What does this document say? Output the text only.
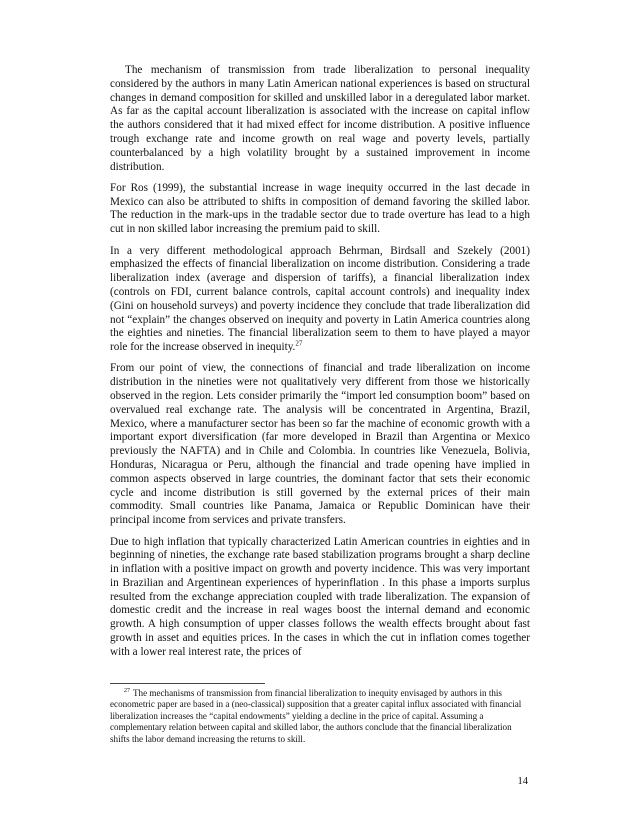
The mechanism of transmission from trade liberalization to personal inequality considered by the authors in many Latin American national experiences is based on structural changes in demand composition for skilled and unskilled labor in a deregulated labor market. As far as the capital account liberalization is associated with the increase on capital inflow the authors considered that it had mixed effect for income distribution. A positive influence trough exchange rate and income growth on real wage and poverty levels, partially counterbalanced by a high volatility brought by a sustained improvement in income distribution.

For Ros (1999), the substantial increase in wage inequity occurred in the last decade in Mexico can also be attributed to shifts in composition of demand favoring the skilled labor. The reduction in the mark-ups in the tradable sector due to trade overture has lead to a high cut in non skilled labor increasing the premium paid to skill.

In a very different methodological approach Behrman, Birdsall and Szekely (2001) emphasized the effects of financial liberalization on income distribution. Considering a trade liberalization index (average and dispersion of tariffs), a financial liberalization index (controls on FDI, current balance controls, capital account controls) and inequality index (Gini on household surveys) and poverty incidence they conclude that trade liberalization did not “explain” the changes observed on inequity and poverty in Latin America countries along the eighties and nineties. The financial liberalization seem to them to have played a mayor role for the increase observed in inequity.$^{27}$

From our point of view, the connections of financial and trade liberalization on income distribution in the nineties were not qualitatively very different from those we historically observed in the region. Lets consider primarily the “import led consumption boom” based on overvalued real exchange rate. The analysis will be concentrated in Argentina, Brazil, Mexico, where a manufacturer sector has been so far the machine of economic growth with a important export diversification (far more developed in Brazil than Argentina or Mexico previously the NAFTA) and in Chile and Colombia. In countries like Venezuela, Bolivia, Honduras, Nicaragua or Peru, although the financial and trade opening have implied in common aspects observed in large countries, the dominant factor that sets their economic cycle and income distribution is still governed by the external prices of their main commodity. Small countries like Panama, Jamaica or Republic Dominican have their principal income from services and private transfers.

Due to high inflation that typically characterized Latin American countries in eighties and in beginning of nineties, the exchange rate based stabilization programs brought a sharp decline in inflation with a positive impact on growth and poverty incidence. This was very important in Brazilian and Argentinean experiences of hyperinflation . In this phase a imports surplus resulted from the exchange appreciation coupled with trade liberalization. The expansion of domestic credit and the increase in real wages boost the internal demand and economic growth. A high consumption of upper classes follows the wealth effects brought about fast growth in asset and equities prices. In the cases in which the cut in inflation comes together with a lower real interest rate, the prices of

$^{27}$ The mechanisms of transmission from financial liberalization to inequity envisaged by authors in this econometric paper are based in a (neo-classical) supposition that a greater capital influx associated with financial liberalization increases the “capital endowments” yielding a decline in the price of capital. Assuming a complementary relation between capital and skilled labor, the authors conclude that the financial liberalization shifts the labor demand increasing the returns to skill.

14
